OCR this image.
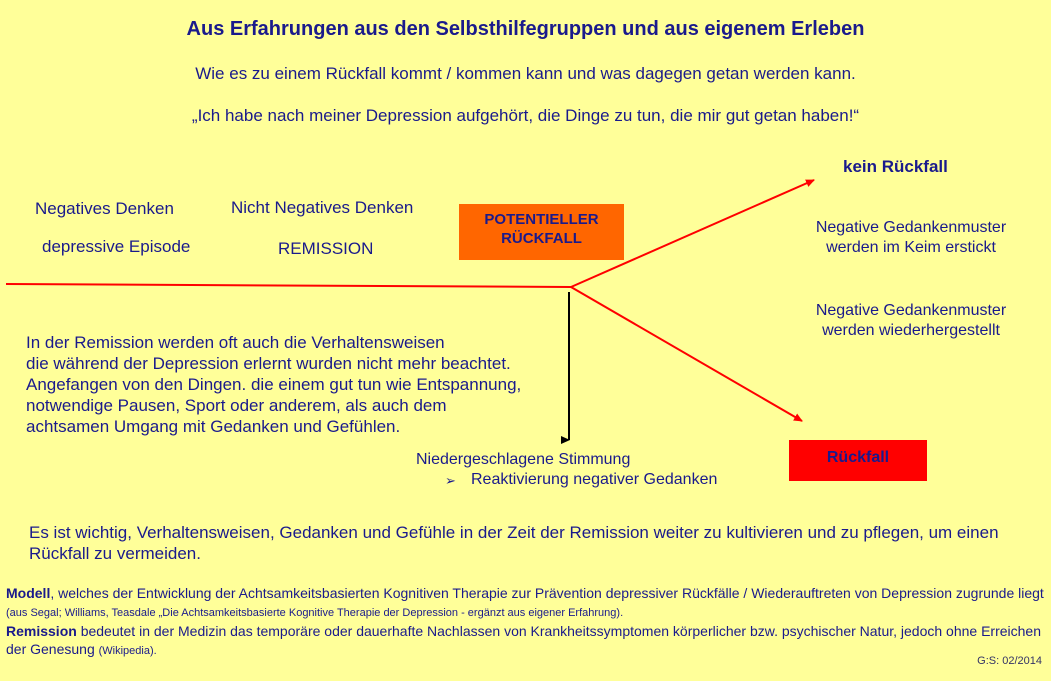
Aus Erfahrungen aus den Selbsthilfegruppen und aus eigenem Erleben
Wie es zu einem Rückfall kommt / kommen kann und was dagegen getan werden kann.
„Ich habe nach meiner Depression aufgehört, die Dinge zu tun, die mir gut getan haben!“
Negatives Denken
depressive Episode
Nicht Negatives Denken
REMISSION
POTENTIELLER
RÜCKFALL
kein Rückfall
Negative Gedankenmuster werden im Keim erstickt
Negative Gedankenmuster werden wiederhergestellt
Rückfall
In der Remission werden oft auch die Verhaltensweisen
die während der Depression erlernt wurden nicht mehr beachtet.
Angefangen von den Dingen. die einem gut tun wie Entspannung,
notwendige Pausen, Sport oder anderem, als auch dem
achtsamen Umgang mit Gedanken und Gefühlen.
Niedergeschlagene Stimmung
➢ Reaktivierung negativer Gedanken
Es ist wichtig, Verhaltensweisen, Gedanken und Gefühle in der Zeit der Remission weiter zu kultivieren und zu pflegen, um einen Rückfall zu vermeiden.
Modell, welches der Entwicklung der Achtsamkeitsbasierten Kognitiven Therapie zur Prävention depressiver Rückfälle / Wiederauftreten von Depression zugrunde liegt (aus Segal; Williams, Teasdale „Die Achtsamkeitsbasierte Kognitive Therapie der Depression - ergänzt aus eigener Erfahrung).
Remission bedeutet in der Medizin das temporäre oder dauerhafte Nachlassen von Krankheitssymptomen körperlicher bzw. psychischer Natur, jedoch ohne Erreichen der Genesung (Wikipedia).
G:S: 02/2014
